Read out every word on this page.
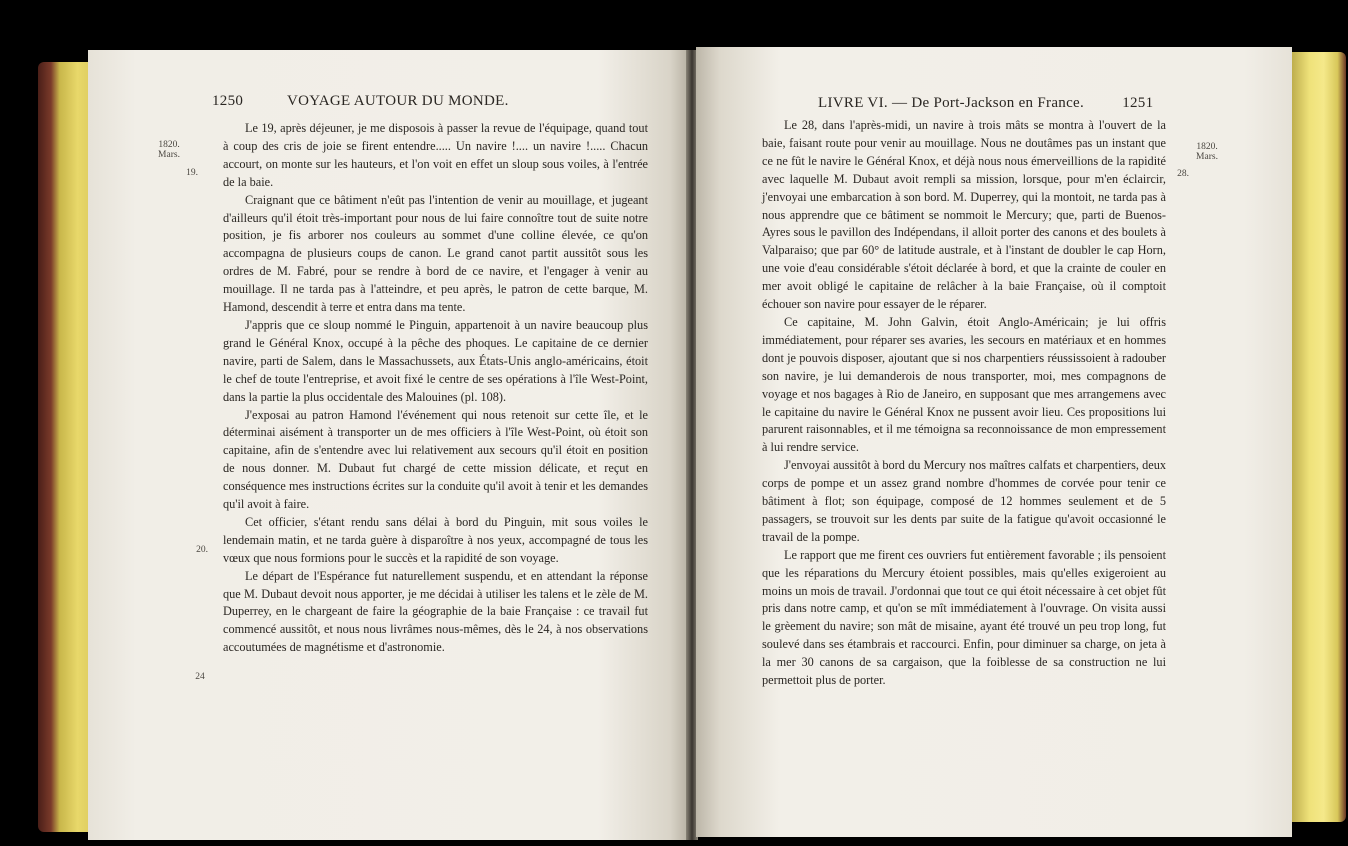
1250	VOYAGE AUTOUR DU MONDE.
1820.
Mars.
19.
20.
24

Le 19, après déjeuner, je me disposois à passer la revue de l'équipage, quand tout à coup des cris de joie se firent entendre..... Un navire !.... un navire !..... Chacun accourt, on monte sur les hauteurs, et l'on voit en effet un sloup sous voiles, à l'entrée de la baie.

Craignant que ce bâtiment n'eût pas l'intention de venir au mouillage, et jugeant d'ailleurs qu'il étoit très-important pour nous de lui faire connoître tout de suite notre position, je fis arborer nos couleurs au sommet d'une colline élevée, ce qu'on accompagna de plusieurs coups de canon. Le grand canot partit aussitôt sous les ordres de M. Fabré, pour se rendre à bord de ce navire, et l'engager à venir au mouillage. Il ne tarda pas à l'atteindre, et peu après, le patron de cette barque, M. Hamond, descendit à terre et entra dans ma tente.

J'appris que ce sloup nommé le Pinguin, appartenoit à un navire beaucoup plus grand le Général Knox, occupé à la pêche des phoques. Le capitaine de ce dernier navire, parti de Salem, dans le Massachussets, aux États-Unis anglo-américains, étoit le chef de toute l'entreprise, et avoit fixé le centre de ses opérations à l'île West-Point, dans la partie la plus occidentale des Malouines (pl. 108).

J'exposai au patron Hamond l'événement qui nous retenoit sur cette île, et le déterminai aisément à transporter un de mes officiers à l'île West-Point, où étoit son capitaine, afin de s'entendre avec lui relativement aux secours qu'il étoit en position de nous donner. M. Dubaut fut chargé de cette mission délicate, et reçut en conséquence mes instructions écrites sur la conduite qu'il avoit à tenir et les demandes qu'il avoit à faire.

Cet officier, s'étant rendu sans délai à bord du Pinguin, mit sous voiles le lendemain matin, et ne tarda guère à disparoître à nos yeux, accompagné de tous les vœux que nous formions pour le succès et la rapidité de son voyage.

Le départ de l'Espérance fut naturellement suspendu, et en attendant la réponse que M. Dubaut devoit nous apporter, je me décidai à utiliser les talens et le zèle de M. Duperrey, en le chargeant de faire la géographie de la baie Française : ce travail fut commencé aussitôt, et nous nous livrâmes nous-mêmes, dès le 24, à nos observations accoutumées de magnétisme et d'astronomie.

LIVRE VI. — De Port-Jackson en France.	1251
1820.
Mars.
28.

Le 28, dans l'après-midi, un navire à trois mâts se montra à l'ouvert de la baie, faisant route pour venir au mouillage. Nous ne doutâmes pas un instant que ce ne fût le navire le Général Knox, et déjà nous nous émerveillions de la rapidité avec laquelle M. Dubaut avoit rempli sa mission, lorsque, pour m'en éclaircir, j'envoyai une embarcation à son bord. M. Duperrey, qui la montoit, ne tarda pas à nous apprendre que ce bâtiment se nommoit le Mercury; que, parti de Buenos-Ayres sous le pavillon des Indépendans, il alloit porter des canons et des boulets à Valparaiso; que par 60° de latitude australe, et à l'instant de doubler le cap Horn, une voie d'eau considérable s'étoit déclarée à bord, et que la crainte de couler en mer avoit obligé le capitaine de relâcher à la baie Française, où il comptoit échouer son navire pour essayer de le réparer.

Ce capitaine, M. John Galvin, étoit Anglo-Américain; je lui offris immédiatement, pour réparer ses avaries, les secours en matériaux et en hommes dont je pouvois disposer, ajoutant que si nos charpentiers réussissoient à radouber son navire, je lui demanderois de nous transporter, moi, mes compagnons de voyage et nos bagages à Rio de Janeiro, en supposant que mes arrangemens avec le capitaine du navire le Général Knox ne pussent avoir lieu. Ces propositions lui parurent raisonnables, et il me témoigna sa reconnoissance de mon empressement à lui rendre service.

J'envoyai aussitôt à bord du Mercury nos maîtres calfats et charpentiers, deux corps de pompe et un assez grand nombre d'hommes de corvée pour tenir ce bâtiment à flot; son équipage, composé de 12 hommes seulement et de 5 passagers, se trouvoit sur les dents par suite de la fatigue qu'avoit occasionné le travail de la pompe.

Le rapport que me firent ces ouvriers fut entièrement favorable ; ils pensoient que les réparations du Mercury étoient possibles, mais qu'elles exigeroient au moins un mois de travail. J'ordonnai que tout ce qui étoit nécessaire à cet objet fût pris dans notre camp, et qu'on se mît immédiatement à l'ouvrage. On visita aussi le grèement du navire; son mât de misaine, ayant été trouvé un peu trop long, fut soulevé dans ses étambrais et raccourci. Enfin, pour diminuer sa charge, on jeta à la mer 30 canons de sa cargaison, que la foiblesse de sa construction ne lui permettoit plus de porter.
